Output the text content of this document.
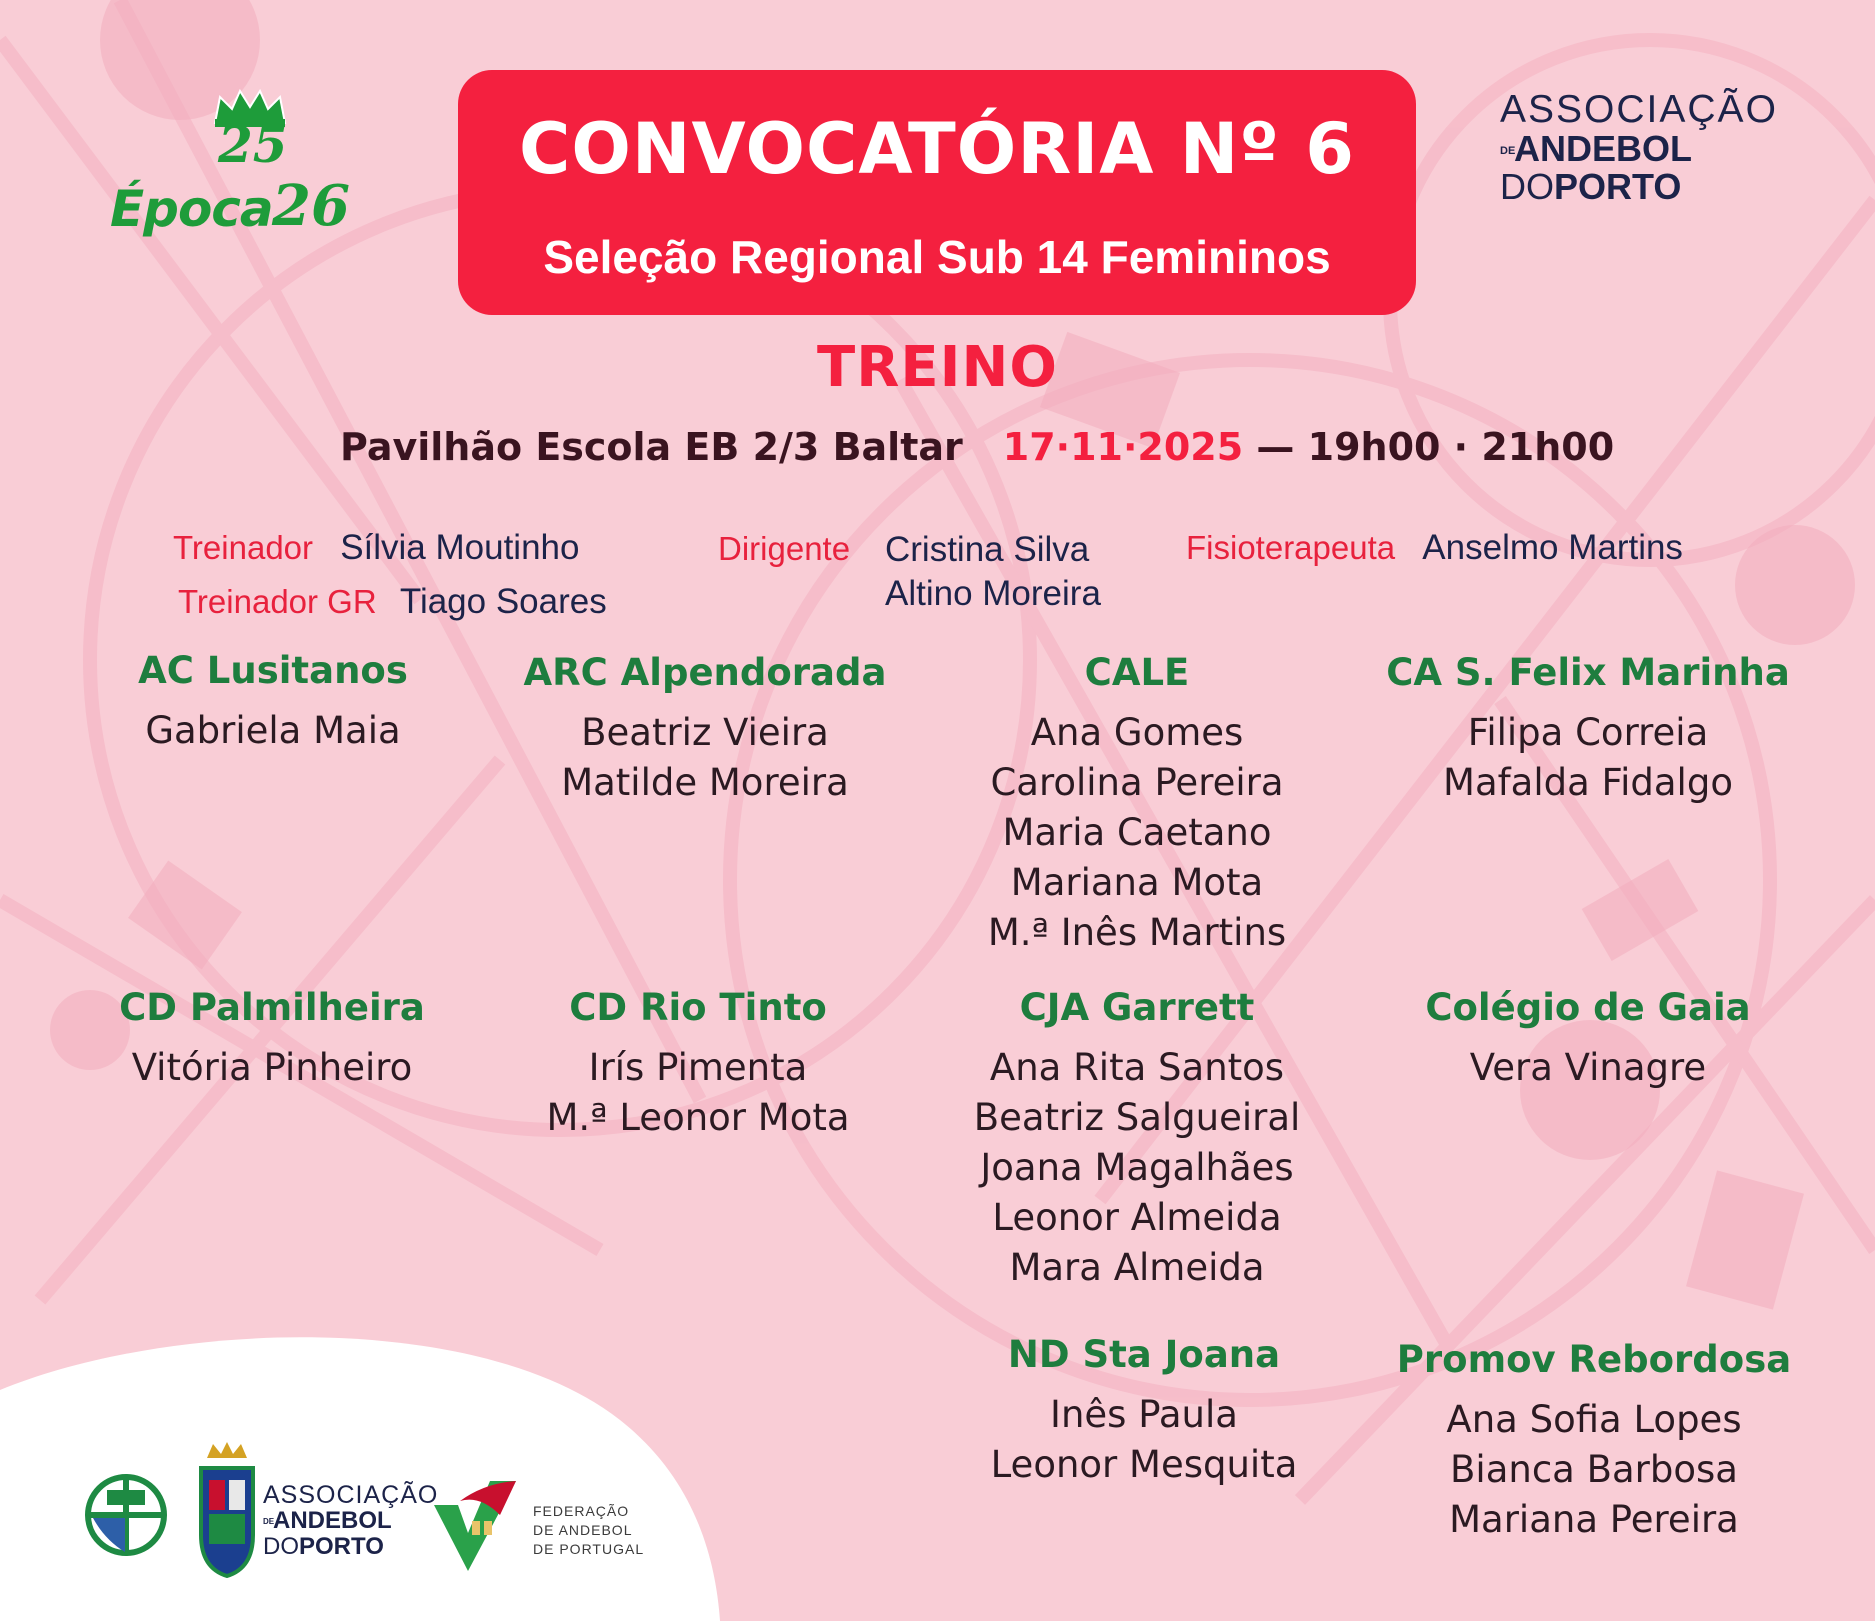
25
Época 26
CONVOCATÓRIA Nº 6
Seleção Regional Sub 14 Femininos
ASSOCIAÇÃO
DEANDEBOL
DOPORTO
TREINO
Pavilhão Escola EB 2/3 Baltar 17·11·2025 — 19h00 · 21h00
Treinador Sílvia Moutinho
Treinador GR Tiago Soares
Dirigente Cristina Silva
Altino Moreira
Fisioterapeuta Anselmo Martins
AC Lusitanos
Gabriela Maia
ARC Alpendorada
Beatriz Vieira
Matilde Moreira
CALE
Ana Gomes
Carolina Pereira
Maria Caetano
Mariana Mota
M.ª Inês Martins
CA S. Felix Marinha
Filipa Correia
Mafalda Fidalgo
CD Palmilheira
Vitória Pinheiro
CD Rio Tinto
Irís Pimenta
M.ª Leonor Mota
CJA Garrett
Ana Rita Santos
Beatriz Salgueiral
Joana Magalhães
Leonor Almeida
Mara Almeida
Colégio de Gaia
Vera Vinagre
ND Sta Joana
Inês Paula
Leonor Mesquita
Promov Rebordosa
Ana Sofia Lopes
Bianca Barbosa
Mariana Pereira
ASSOCIAÇÃO
DEANDEBOL
DOPORTO
FEDERAÇÃO
DE ANDEBOL
DE PORTUGAL
